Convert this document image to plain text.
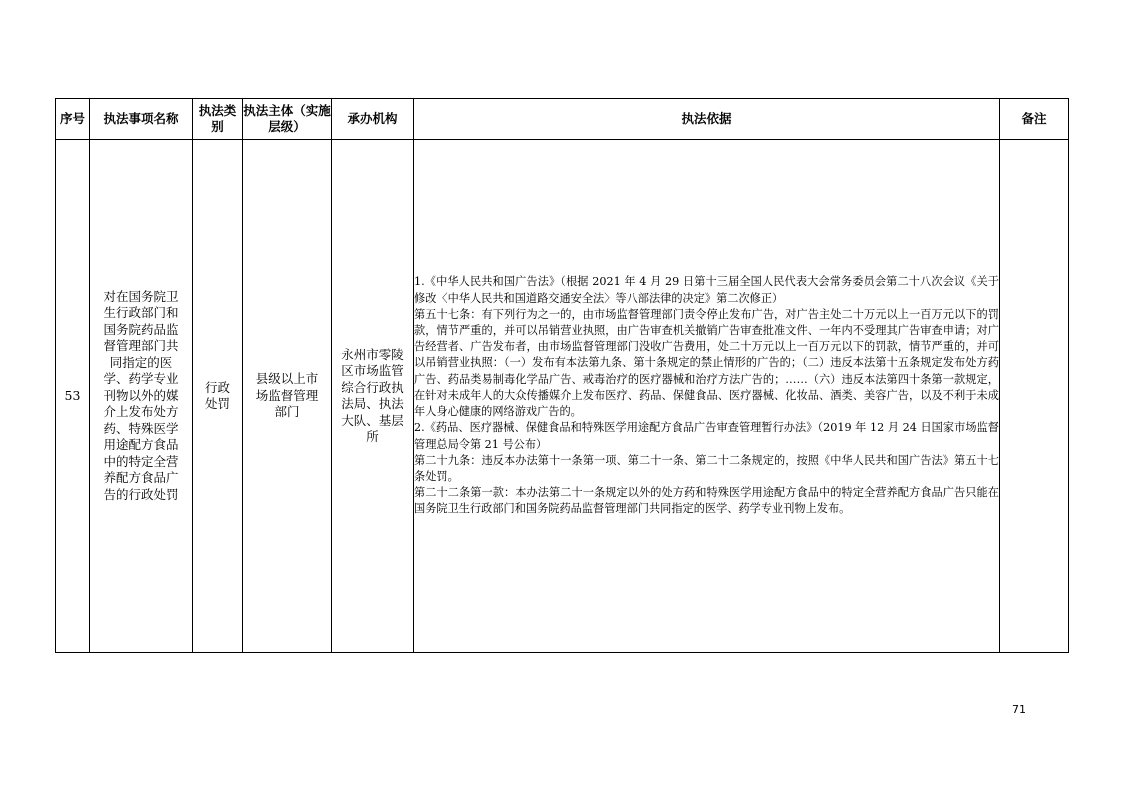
序号	执法事项名称	执法类别	执法主体（实施层级）	承办机构	执法依据	备注
53	对在国务院卫生行政部门和国务院药品监督管理部门共同指定的医学、药学专业刊物以外的媒介上发布处方药、特殊医学用途配方食品中的特定全营养配方食品广告的行政处罚	行政处罚	县级以上市场监督管理部门	永州市零陵区市场监管综合行政执法局、执法大队、基层所	1.《中华人民共和国广告法》（根据 2021 年 4 月 29 日第十三届全国人民代表大会常务委员会第二十八次会议《关于修改〈中华人民共和国道路交通安全法〉等八部法律的决定》第二次修正）

第五十七条：有下列行为之一的，由市场监督管理部门责令停止发布广告，对广告主处二十万元以上一百万元以下的罚款，情节严重的，并可以吊销营业执照，由广告审查机关撤销广告审查批准文件、一年内不受理其广告审查申请；对广告经营者、广告发布者，由市场监督管理部门没收广告费用，处二十万元以上一百万元以下的罚款，情节严重的，并可以吊销营业执照：（一）发布有本法第九条、第十条规定的禁止情形的广告的；（二）违反本法第十五条规定发布处方药广告、药品类易制毒化学品广告、戒毒治疗的医疗器械和治疗方法广告的；……（六）违反本法第四十条第一款规定，在针对未成年人的大众传播媒介上发布医疗、药品、保健食品、医疗器械、化妆品、酒类、美容广告，以及不利于未成年人身心健康的网络游戏广告的。

2.《药品、医疗器械、保健食品和特殊医学用途配方食品广告审查管理暂行办法》（2019 年 12 月 24 日国家市场监督管理总局令第 21 号公布）

第二十九条：违反本办法第十一条第一项、第二十一条、第二十二条规定的，按照《中华人民共和国广告法》第五十七条处罚。

第二十二条第一款：本办法第二十一条规定以外的处方药和特殊医学用途配方食品中的特定全营养配方食品广告只能在国务院卫生行政部门和国务院药品监督管理部门共同指定的医学、药学专业刊物上发布。	

71
